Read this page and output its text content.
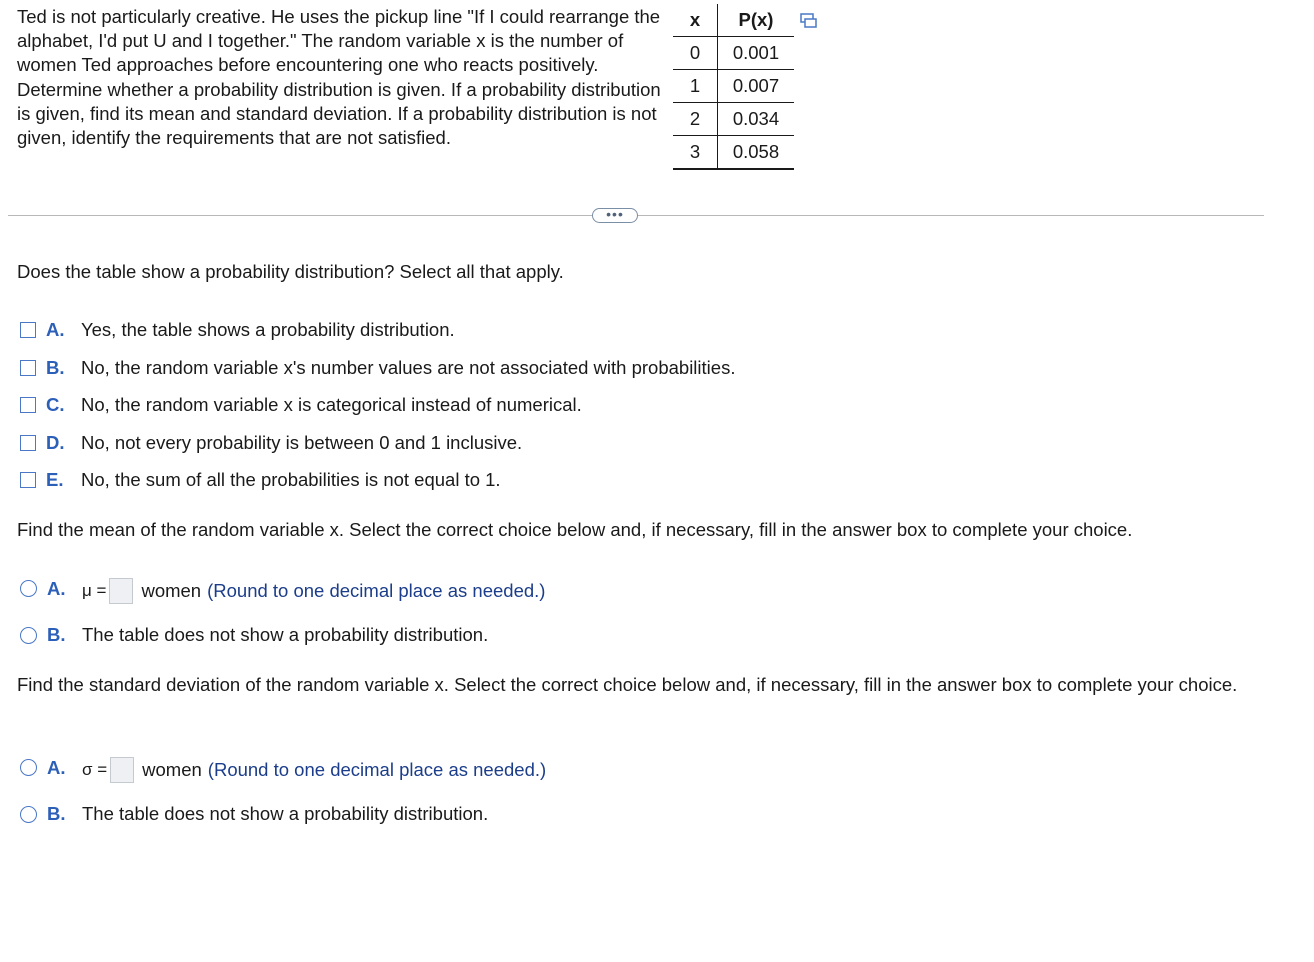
Ted is not particularly creative. He uses the pickup line "If I could rearrange the alphabet, I'd put U and I together." The random variable x is the number of women Ted approaches before encountering one who reacts positively. Determine whether a probability distribution is given. If a probability distribution is given, find its mean and standard deviation. If a probability distribution is not given, identify the requirements that are not satisfied.
x	P(x)
0	0.001
1	0.007
2	0.034
3	0.058
•••
Does the table show a probability distribution? Select all that apply.
A. Yes, the table shows a probability distribution.
B. No, the random variable x's number values are not associated with probabilities.
C. No, the random variable x is categorical instead of numerical.
D. No, not every probability is between 0 and 1 inclusive.
E. No, the sum of all the probabilities is not equal to 1.
Find the mean of the random variable x. Select the correct choice below and, if necessary, fill in the answer box to complete your choice.
A. μ = women (Round to one decimal place as needed.)
B. The table does not show a probability distribution.
Find the standard deviation of the random variable x. Select the correct choice below and, if necessary, fill in the answer box to complete your choice.
A. σ = women (Round to one decimal place as needed.)
B. The table does not show a probability distribution.
